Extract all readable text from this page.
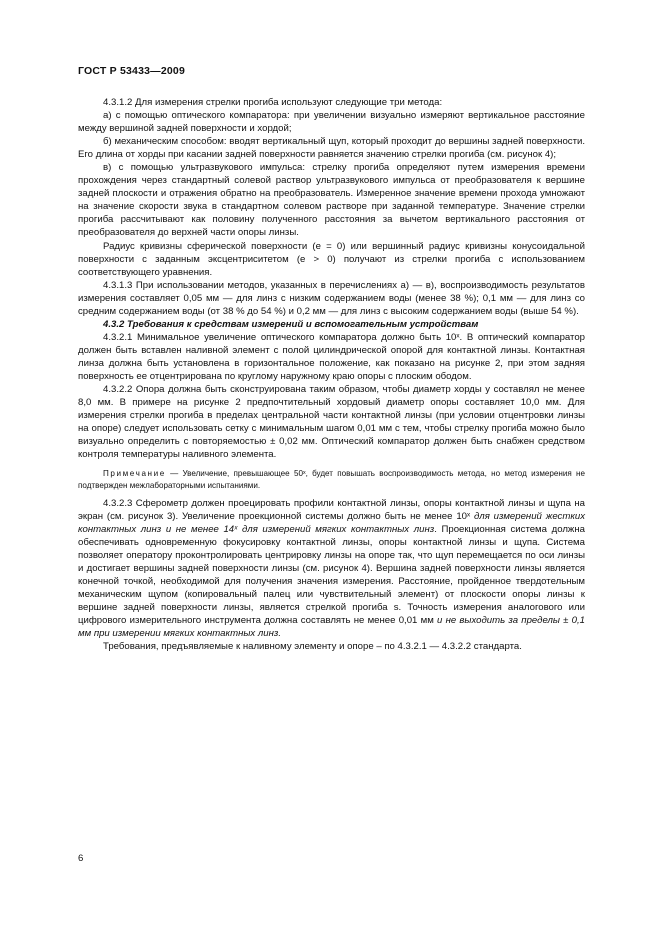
ГОСТ Р 53433—2009

4.3.1.2 Для измерения стрелки прогиба используют следующие три метода:

а) с помощью оптического компаратора: при увеличении визуально измеряют вертикальное расстояние между вершиной задней поверхности и хордой;

б) механическим способом: вводят вертикальный щуп, который проходит до вершины задней поверхности. Его длина от хорды при касании задней поверхности равняется значению стрелки прогиба (см. рисунок 4);

в) с помощью ультразвукового импульса: стрелку прогиба определяют путем измерения времени прохождения через стандартный солевой раствор ультразвукового импульса от преобразователя к вершине задней плоскости и отражения обратно на преобразователь. Измеренное значение времени прохода умножают на значение скорости звука в стандартном солевом растворе при заданной температуре. Значение стрелки прогиба рассчитывают как половину полученного расстояния за вычетом вертикального расстояния от преобразователя до верхней части опоры линзы.

Радиус кривизны сферической поверхности (е = 0) или вершинный радиус кривизны конусоидальной поверхности с заданным эксцентриситетом (е > 0) получают из стрелки прогиба с использованием соответствующего уравнения.

4.3.1.3 При использовании методов, указанных в перечислениях а) — в), воспроизводимость результатов измерения составляет 0,05 мм — для линз с низким содержанием воды (менее 38 %); 0,1 мм — для линз со средним содержанием воды (от 38 % до 54 %) и 0,2 мм — для линз с высоким содержанием воды (выше 54 %).

4.3.2 Требования к средствам измерений и вспомогательным устройствам

4.3.2.1 Минимальное увеличение оптического компаратора должно быть 10ˣ. В оптический компаратор должен быть вставлен наливной элемент с полой цилиндрической опорой для контактной линзы. Контактная линза должна быть установлена в горизонтальное положение, как показано на рисунке 2, при этом задняя поверхность ее отцентрирована по круглому наружному краю опоры с плоским ободом.

4.3.2.2 Опора должна быть сконструирована таким образом, чтобы диаметр хорды у составлял не менее 8,0 мм. В примере на рисунке 2 предпочтительный хордовый диаметр опоры составляет 10,0 мм. Для измерения стрелки прогиба в пределах центральной части контактной линзы (при условии отцентровки линзы на опоре) следует использовать сетку с минимальным шагом 0,01 мм с тем, чтобы стрелку прогиба можно было визуально определить с повторяемостью ± 0,02 мм. Оптический компаратор должен быть снабжен средством контроля температуры наливного элемента.

Примечание — Увеличение, превышающее 50ˣ, будет повышать воспроизводимость метода, но метод измерения не подтвержден межлабораторными испытаниями.

4.3.2.3 Сферометр должен проецировать профили контактной линзы, опоры контактной линзы и щупа на экран (см. рисунок 3). Увеличение проекционной системы должно быть не менее 10ˣ для измерений жестких контактных линз и не менее 14ˣ для измерений мягких контактных линз. Проекционная система должна обеспечивать одновременную фокусировку контактной линзы, опоры контактной линзы и щупа. Система позволяет оператору проконтролировать центрировку линзы на опоре так, что щуп перемещается по оси линзы и достигает вершины задней поверхности линзы (см. рисунок 4). Вершина задней поверхности линзы является конечной точкой, необходимой для получения значения измерения. Расстояние, пройденное твердотельным механическим щупом (копировальный палец или чувствительный элемент) от плоскости опоры линзы к вершине задней поверхности линзы, является стрелкой прогиба s. Точность измерения аналогового или цифрового измерительного инструмента должна составлять не менее 0,01 мм и не выходить за пределы ± 0,1 мм при измерении мягких контактных линз.

Требования, предъявляемые к наливному элементу и опоре – по 4.3.2.1 — 4.3.2.2 стандарта.

6
